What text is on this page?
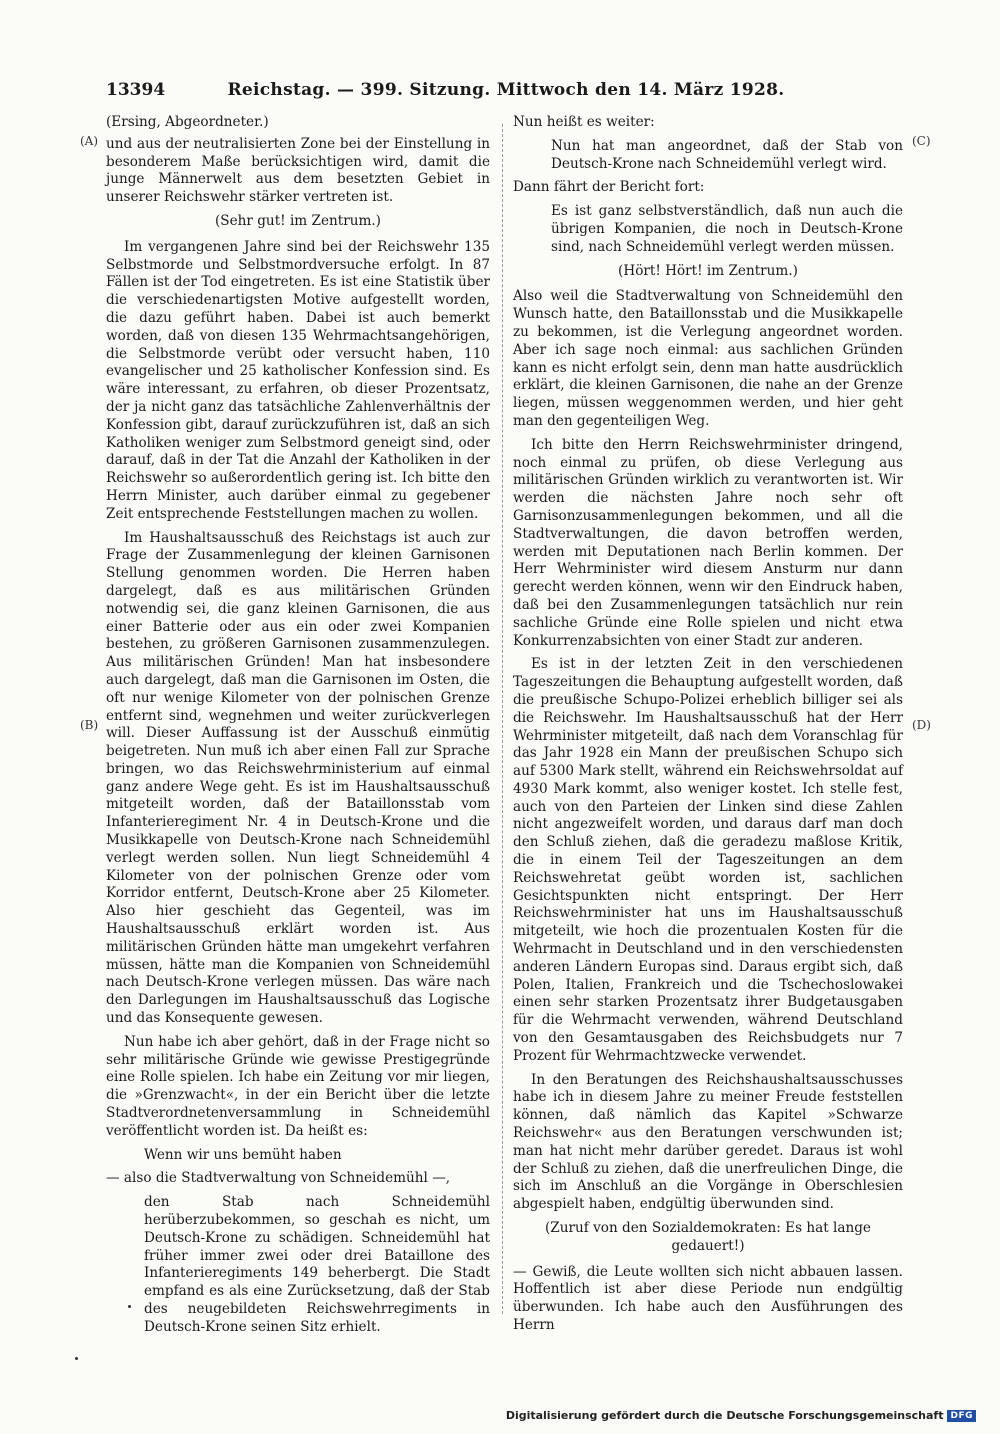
13394	Reichstag. — 399. Sitzung. Mittwoch den 14. März 1928.
(A)
(B)
(C)
(D)

(Ersing, Abgeordneter.)

und aus der neutralisierten Zone bei der Einstellung in besonderem Maße berücksichtigen wird, damit die junge Männerwelt aus dem besetzten Gebiet in unserer Reichswehr stärker vertreten ist.

(Sehr gut! im Zentrum.)

Im vergangenen Jahre sind bei der Reichswehr 135 Selbstmorde und Selbstmordversuche erfolgt. In 87 Fällen ist der Tod eingetreten. Es ist eine Statistik über die verschiedenartigsten Motive aufgestellt worden, die dazu geführt haben. Dabei ist auch bemerkt worden, daß von diesen 135 Wehrmachtsangehörigen, die Selbstmorde verübt oder versucht haben, 110 evangelischer und 25 katholischer Konfession sind. Es wäre interessant, zu erfahren, ob dieser Prozentsatz, der ja nicht ganz das tatsächliche Zahlenverhältnis der Konfession gibt, darauf zurückzuführen ist, daß an sich Katholiken weniger zum Selbstmord geneigt sind, oder darauf, daß in der Tat die Anzahl der Katholiken in der Reichswehr so außerordentlich gering ist. Ich bitte den Herrn Minister, auch darüber einmal zu gegebener Zeit entsprechende Feststellungen machen zu wollen.

Im Haushaltsausschuß des Reichstags ist auch zur Frage der Zusammenlegung der kleinen Garnisonen Stellung genommen worden. Die Herren haben dargelegt, daß es aus militärischen Gründen notwendig sei, die ganz kleinen Garnisonen, die aus einer Batterie oder aus ein oder zwei Kompanien bestehen, zu größeren Garnisonen zusammenzulegen. Aus militärischen Gründen! Man hat insbesondere auch dargelegt, daß man die Garnisonen im Osten, die oft nur wenige Kilometer von der polnischen Grenze entfernt sind, wegnehmen und weiter zurückverlegen will. Dieser Auffassung ist der Ausschuß einmütig beigetreten. Nun muß ich aber einen Fall zur Sprache bringen, wo das Reichswehrministerium auf einmal ganz andere Wege geht. Es ist im Haushaltsausschuß mitgeteilt worden, daß der Bataillonsstab vom Infanterieregiment Nr. 4 in Deutsch-Krone und die Musikkapelle von Deutsch-Krone nach Schneidemühl verlegt werden sollen. Nun liegt Schneidemühl 4 Kilometer von der polnischen Grenze oder vom Korridor entfernt, Deutsch-Krone aber 25 Kilometer. Also hier geschieht das Gegenteil, was im Haushaltsausschuß erklärt worden ist. Aus militärischen Gründen hätte man umgekehrt verfahren müssen, hätte man die Kompanien von Schneidemühl nach Deutsch-Krone verlegen müssen. Das wäre nach den Darlegungen im Haushaltsausschuß das Logische und das Konsequente gewesen.

Nun habe ich aber gehört, daß in der Frage nicht so sehr militärische Gründe wie gewisse Prestigegründe eine Rolle spielen. Ich habe ein Zeitung vor mir liegen, die »Grenzwacht«, in der ein Bericht über die letzte Stadtverordnetenversammlung in Schneidemühl veröffentlicht worden ist. Da heißt es:

Wenn wir uns bemüht haben

— also die Stadtverwaltung von Schneidemühl —,

den Stab nach Schneidemühl herüberzubekommen, so geschah es nicht, um Deutsch-Krone zu schädigen. Schneidemühl hat früher immer zwei oder drei Bataillone des Infanterieregiments 149 beherbergt. Die Stadt empfand es als eine Zurücksetzung, daß der Stab des neugebildeten Reichswehrregiments in Deutsch-Krone seinen Sitz erhielt.

Nun heißt es weiter:

Nun hat man angeordnet, daß der Stab von Deutsch-Krone nach Schneidemühl verlegt wird.

Dann fährt der Bericht fort:

Es ist ganz selbstverständlich, daß nun auch die übrigen Kompanien, die noch in Deutsch-Krone sind, nach Schneidemühl verlegt werden müssen.

(Hört! Hört! im Zentrum.)

Also weil die Stadtverwaltung von Schneidemühl den Wunsch hatte, den Bataillonsstab und die Musikkapelle zu bekommen, ist die Verlegung angeordnet worden. Aber ich sage noch einmal: aus sachlichen Gründen kann es nicht erfolgt sein, denn man hatte ausdrücklich erklärt, die kleinen Garnisonen, die nahe an der Grenze liegen, müssen weggenommen werden, und hier geht man den gegenteiligen Weg.

Ich bitte den Herrn Reichswehrminister dringend, noch einmal zu prüfen, ob diese Verlegung aus militärischen Gründen wirklich zu verantworten ist. Wir werden die nächsten Jahre noch sehr oft Garnisonzusammenlegungen bekommen, und all die Stadtverwaltungen, die davon betroffen werden, werden mit Deputationen nach Berlin kommen. Der Herr Wehrminister wird diesem Ansturm nur dann gerecht werden können, wenn wir den Eindruck haben, daß bei den Zusammenlegungen tatsächlich nur rein sachliche Gründe eine Rolle spielen und nicht etwa Konkurrenzabsichten von einer Stadt zur anderen.

Es ist in der letzten Zeit in den verschiedenen Tageszeitungen die Behauptung aufgestellt worden, daß die preußische Schupo-Polizei erheblich billiger sei als die Reichswehr. Im Haushaltsausschuß hat der Herr Wehrminister mitgeteilt, daß nach dem Voranschlag für das Jahr 1928 ein Mann der preußischen Schupo sich auf 5300 Mark stellt, während ein Reichswehrsoldat auf 4930 Mark kommt, also weniger kostet. Ich stelle fest, auch von den Parteien der Linken sind diese Zahlen nicht angezweifelt worden, und daraus darf man doch den Schluß ziehen, daß die geradezu maßlose Kritik, die in einem Teil der Tageszeitungen an dem Reichswehretat geübt worden ist, sachlichen Gesichtspunkten nicht entspringt. Der Herr Reichswehrminister hat uns im Haushaltsausschuß mitgeteilt, wie hoch die prozentualen Kosten für die Wehrmacht in Deutschland und in den verschiedensten anderen Ländern Europas sind. Daraus ergibt sich, daß Polen, Italien, Frankreich und die Tschechoslowakei einen sehr starken Prozentsatz ihrer Budgetausgaben für die Wehrmacht verwenden, während Deutschland von den Gesamtausgaben des Reichsbudgets nur 7 Prozent für Wehrmachtzwecke verwendet.

In den Beratungen des Reichshaushaltsausschusses habe ich in diesem Jahre zu meiner Freude feststellen können, daß nämlich das Kapitel »Schwarze Reichswehr« aus den Beratungen verschwunden ist; man hat nicht mehr darüber geredet. Daraus ist wohl der Schluß zu ziehen, daß die unerfreulichen Dinge, die sich im Anschluß an die Vorgänge in Oberschlesien abgespielt haben, endgültig überwunden sind.

(Zuruf von den Sozialdemokraten: Es hat lange gedauert!)

— Gewiß, die Leute wollten sich nicht abbauen lassen. Hoffentlich ist aber diese Periode nun endgültig überwunden. Ich habe auch den Ausführungen des Herrn

Digitalisierung gefördert durch die Deutsche Forschungsgemeinschaft DFG
